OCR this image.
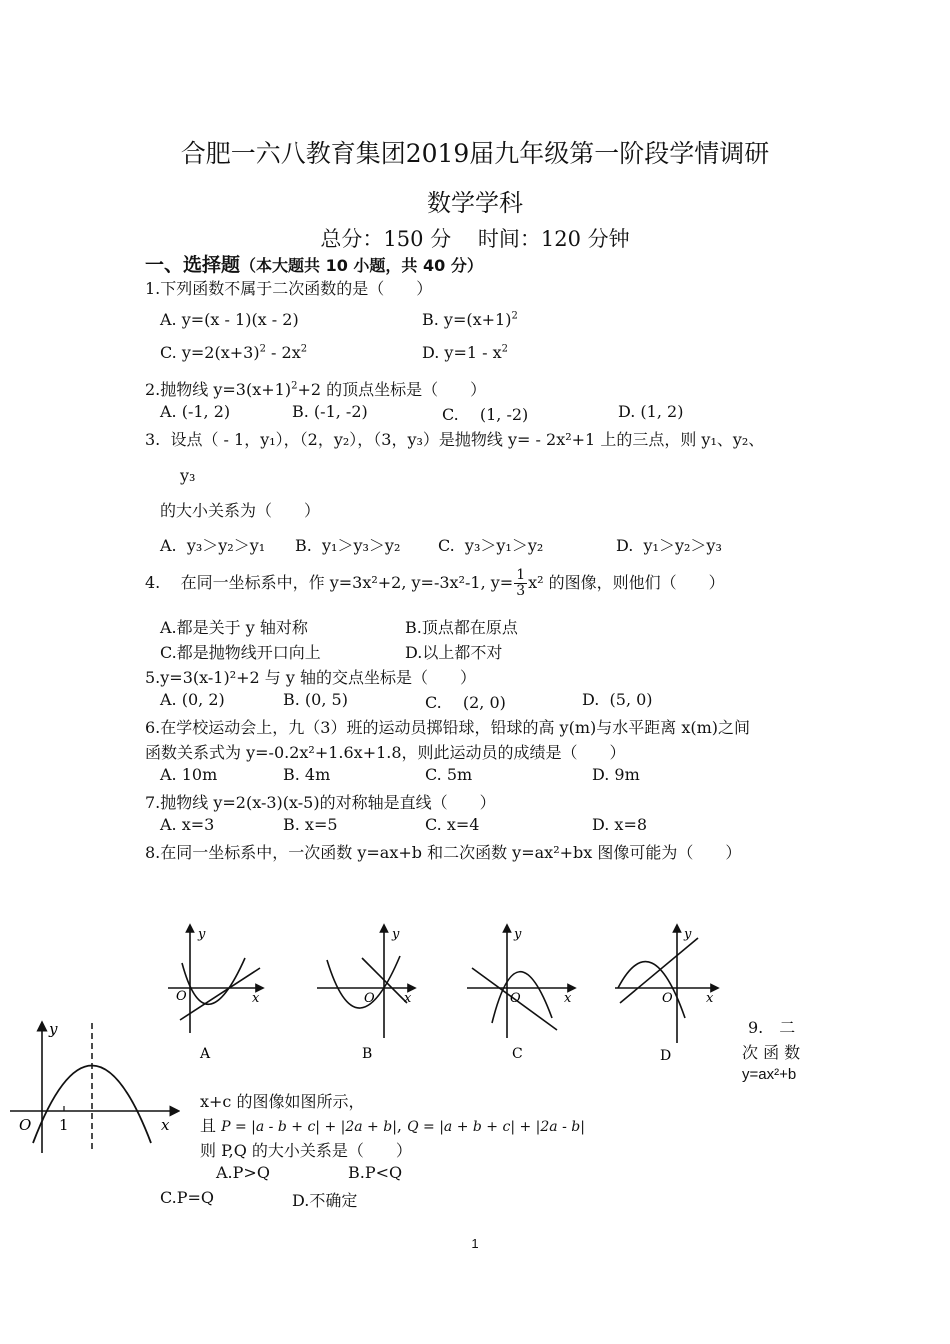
合肥一六八教育集团2019届九年级第一阶段学情调研
数学学科
总分：150 分    时间：120 分钟
一、选择题（本大题共 10 小题，共 40 分）
1.下列函数不属于二次函数的是（　　）
A. y=(x - 1)(x - 2)	B. $y=(x+1)^2$
C. $y=2(x+3)^2 - 2x^2$	D. $y=1 - x^2$
2.抛物线 $y=3(x+1)^2+2$ 的顶点坐标是（　　）
A. (-1, 2)	B. (-1, -2)	C.　 (1, -2)	D. (1, 2)
3.  设点（ - 1，y₁），（2，y₂），（3，y₃）是抛物线 y= - 2x²+1 上的三点，则 y₁、y₂、
y₃
的大小关系为（　　）
A.  y₃＞y₂＞y₁ B.  y₁＞y₃＞y₂ C.  y₃＞y₁＞y₂	D.  y₁＞y₂＞y₃
4.    在同一坐标系中，作 y=3x²+2, y=-3x²-1, $y= \frac{1}{3} x^2$ 的图像，则他们（　　）
A.都是关于 y 轴对称	B.顶点都在原点
C.都是抛物线开口向上	D.以上都不对
5.y=3(x-1)²+2 与 y 轴的交点坐标是（　　）
A. (0, 2)	B. (0, 5)	C.　 (2, 0)	D.  (5, 0)
6.在学校运动会上，九（3）班的运动员掷铅球，铅球的高 y(m)与水平距离 x(m)之间
函数关系式为 y=-0.2x²+1.6x+1.8，则此运动员的成绩是（　　）
A. 10m	B. 4m	C. 5m	D. 9m
7.抛物线 y=2(x-3)(x-5)的对称轴是直线（　　）
A. x=3	B. x=5	C. x=4	D. x=8
8.在同一坐标系中，一次函数 y=ax+b 和二次函数 y=ax²+bx 图像可能为（　　）
y
x
O
A
y
x
O
B
y
x
O
C
y
x
O
D
y
x
O 1
9.　二
次 函 数
y=ax²+b
x+c 的图像如图所示，
且 P = |a - b + c| + |2a + b|, Q = |a + b + c| + |2a - b|
则 P,Q 的大小关系是（　　）
A.P>Q	B.P<Q
C.P=Q	D.不确定
1
